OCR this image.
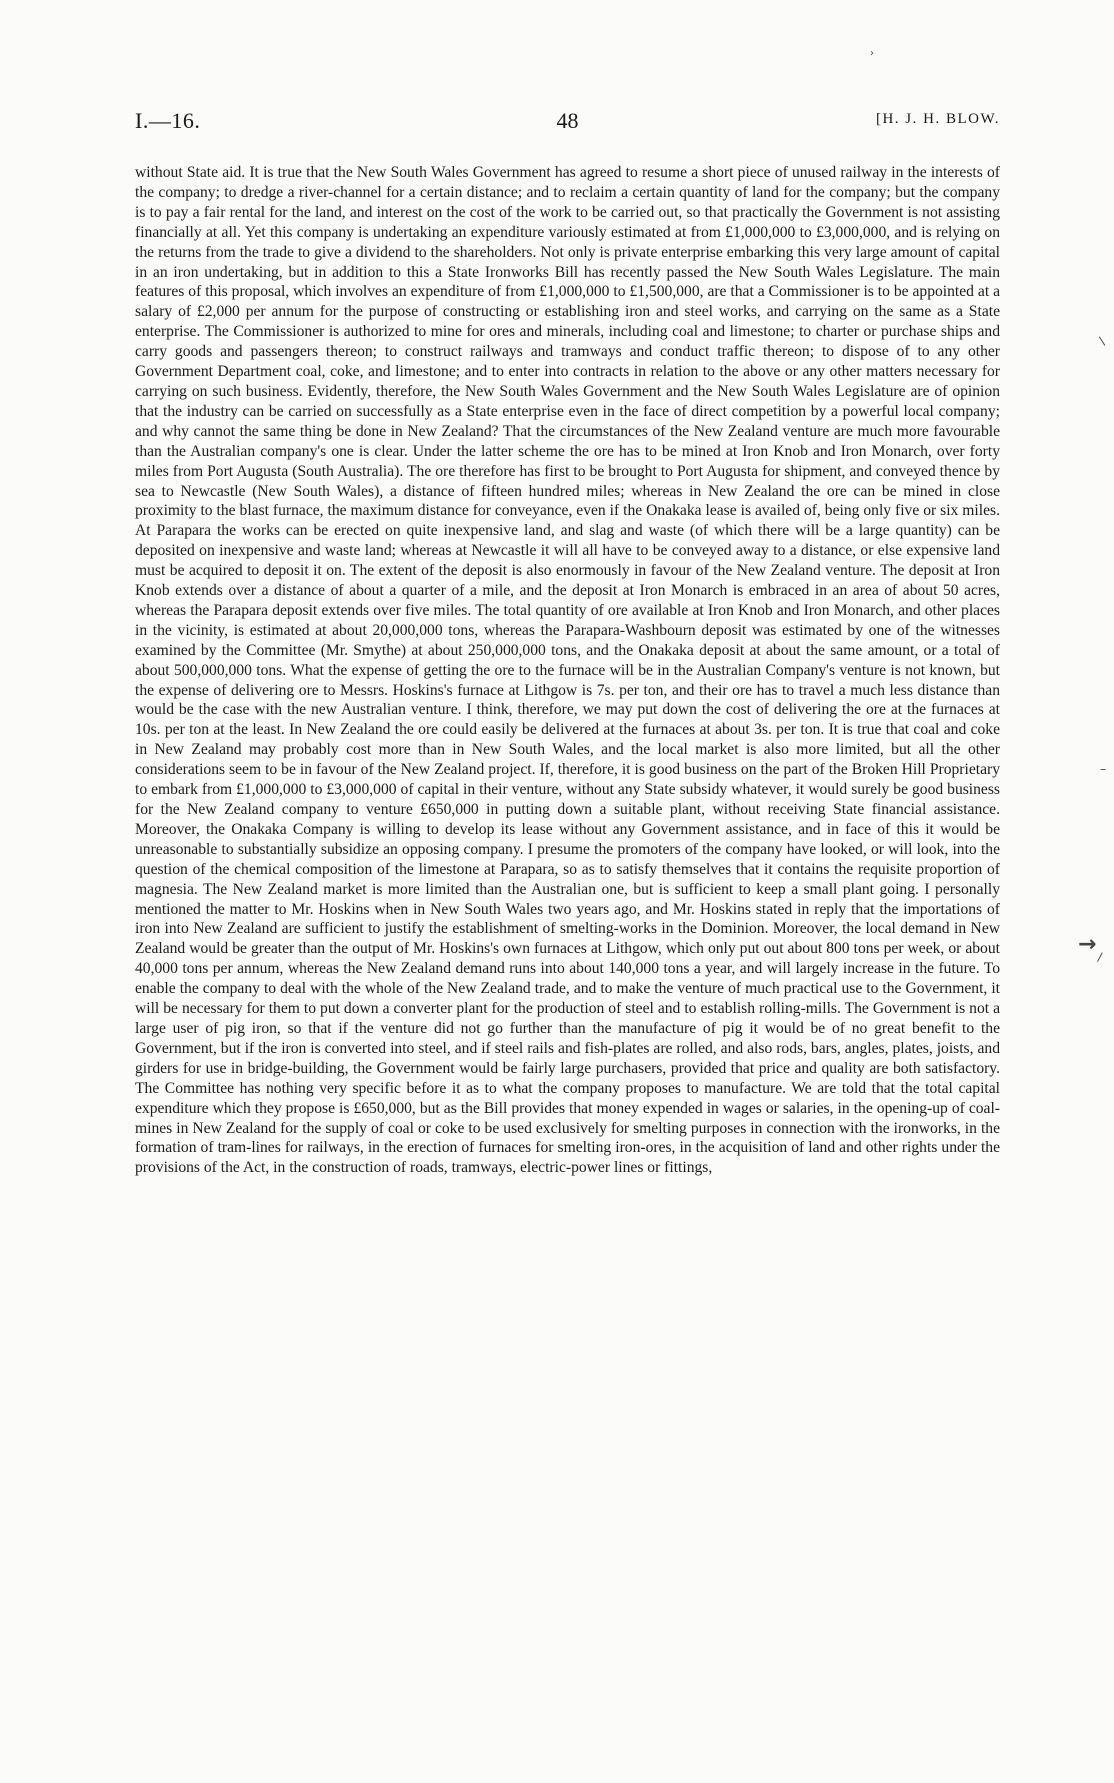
I.—16.	48	[H. J. H. BLOW.

without State aid. It is true that the New South Wales Government has agreed to resume a short piece of unused railway in the interests of the company; to dredge a river-channel for a certain distance; and to reclaim a certain quantity of land for the company; but the company is to pay a fair rental for the land, and interest on the cost of the work to be carried out, so that practically the Government is not assisting financially at all. Yet this company is undertaking an expenditure variously estimated at from £1,000,000 to £3,000,000, and is relying on the returns from the trade to give a dividend to the shareholders. Not only is private enterprise embarking this very large amount of capital in an iron undertaking, but in addition to this a State Ironworks Bill has recently passed the New South Wales Legislature. The main features of this proposal, which involves an expenditure of from £1,000,000 to £1,500,000, are that a Commissioner is to be appointed at a salary of £2,000 per annum for the purpose of constructing or establishing iron and steel works, and carrying on the same as a State enterprise. The Commissioner is authorized to mine for ores and minerals, including coal and limestone; to charter or purchase ships and carry goods and passengers thereon; to construct railways and tramways and conduct traffic thereon; to dispose of to any other Government Department coal, coke, and limestone; and to enter into contracts in relation to the above or any other matters necessary for carrying on such business. Evidently, therefore, the New South Wales Government and the New South Wales Legislature are of opinion that the industry can be carried on successfully as a State enterprise even in the face of direct competition by a powerful local company; and why cannot the same thing be done in New Zealand? That the circumstances of the New Zealand venture are much more favourable than the Australian company's one is clear. Under the latter scheme the ore has to be mined at Iron Knob and Iron Monarch, over forty miles from Port Augusta (South Australia). The ore therefore has first to be brought to Port Augusta for shipment, and conveyed thence by sea to Newcastle (New South Wales), a distance of fifteen hundred miles; whereas in New Zealand the ore can be mined in close proximity to the blast furnace, the maximum distance for conveyance, even if the Onakaka lease is availed of, being only five or six miles. At Parapara the works can be erected on quite inexpensive land, and slag and waste (of which there will be a large quantity) can be deposited on inexpensive and waste land; whereas at Newcastle it will all have to be conveyed away to a distance, or else expensive land must be acquired to deposit it on. The extent of the deposit is also enormously in favour of the New Zealand venture. The deposit at Iron Knob extends over a distance of about a quarter of a mile, and the deposit at Iron Monarch is embraced in an area of about 50 acres, whereas the Parapara deposit extends over five miles. The total quantity of ore available at Iron Knob and Iron Monarch, and other places in the vicinity, is estimated at about 20,000,000 tons, whereas the Parapara-Washbourn deposit was estimated by one of the witnesses examined by the Committee (Mr. Smythe) at about 250,000,000 tons, and the Onakaka deposit at about the same amount, or a total of about 500,000,000 tons. What the expense of getting the ore to the furnace will be in the Australian Company's venture is not known, but the expense of delivering ore to Messrs. Hoskins's furnace at Lithgow is 7s. per ton, and their ore has to travel a much less distance than would be the case with the new Australian venture. I think, therefore, we may put down the cost of delivering the ore at the furnaces at 10s. per ton at the least. In New Zealand the ore could easily be delivered at the furnaces at about 3s. per ton. It is true that coal and coke in New Zealand may probably cost more than in New South Wales, and the local market is also more limited, but all the other considerations seem to be in favour of the New Zealand project. If, therefore, it is good business on the part of the Broken Hill Proprietary to embark from £1,000,000 to £3,000,000 of capital in their venture, without any State subsidy whatever, it would surely be good business for the New Zealand company to venture £650,000 in putting down a suitable plant, without receiving State financial assistance. Moreover, the Onakaka Company is willing to develop its lease without any Government assistance, and in face of this it would be unreasonable to substantially subsidize an opposing company. I presume the promoters of the company have looked, or will look, into the question of the chemical composition of the limestone at Parapara, so as to satisfy themselves that it contains the requisite proportion of magnesia. The New Zealand market is more limited than the Australian one, but is sufficient to keep a small plant going. I personally mentioned the matter to Mr. Hoskins when in New South Wales two years ago, and Mr. Hoskins stated in reply that the importations of iron into New Zealand are sufficient to justify the establishment of smelting-works in the Dominion. Moreover, the local demand in New Zealand would be greater than the output of Mr. Hoskins's own furnaces at Lithgow, which only put out about 800 tons per week, or about 40,000 tons per annum, whereas the New Zealand demand runs into about 140,000 tons a year, and will largely increase in the future. To enable the company to deal with the whole of the New Zealand trade, and to make the venture of much practical use to the Government, it will be necessary for them to put down a converter plant for the production of steel and to establish rolling-mills. The Government is not a large user of pig iron, so that if the venture did not go further than the manufacture of pig it would be of no great benefit to the Government, but if the iron is converted into steel, and if steel rails and fish-plates are rolled, and also rods, bars, angles, plates, joists, and girders for use in bridge-building, the Government would be fairly large purchasers, provided that price and quality are both satisfactory. The Committee has nothing very specific before it as to what the company proposes to manufacture. We are told that the total capital expenditure which they propose is £650,000, but as the Bill provides that money expended in wages or salaries, in the opening-up of coal-mines in New Zealand for the supply of coal or coke to be used exclusively for smelting purposes in connection with the ironworks, in the formation of tram-lines for railways, in the erection of furnaces for smelting iron-ores, in the acquisition of land and other rights under the provisions of the Act, in the construction of roads, tramways, electric-power lines or fittings,

›
/
–
→
\
